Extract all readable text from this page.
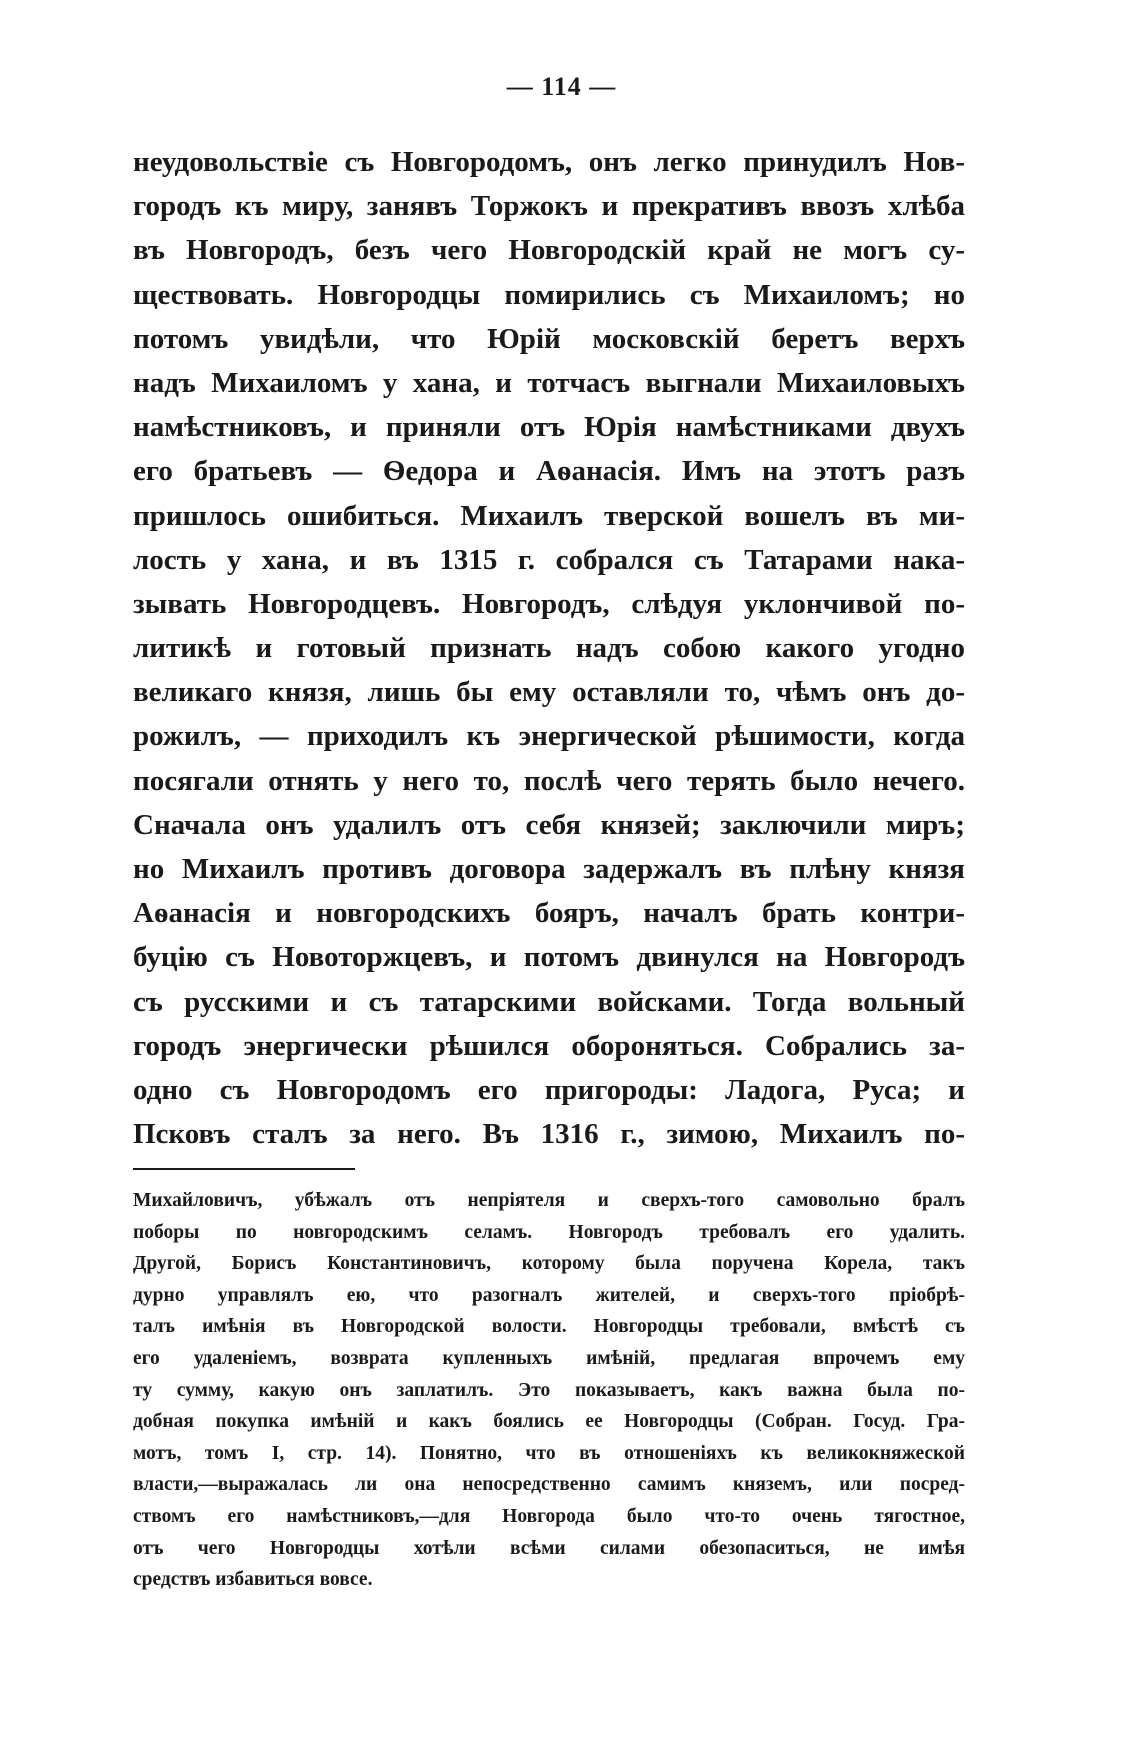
— 114 —
неудовольствіе съ Новгородомъ, онъ легко принудилъ Нов-
городъ къ миру, занявъ Торжокъ и прекративъ ввозъ хлѣба
въ Новгородъ, безъ чего Новгородскій край не могъ су-
ществовать. Новгородцы помирились съ Михаиломъ; но
потомъ увидѣли, что Юрій московскій беретъ верхъ
надъ Михаиломъ у хана, и тотчасъ выгнали Михаиловыхъ
намѣстниковъ, и приняли отъ Юрія намѣстниками двухъ
его братьевъ — Ѳедора и Аѳанасія. Имъ на этотъ разъ
пришлось ошибиться. Михаилъ тверской вошелъ въ ми-
лость у хана, и въ 1315 г. собрался съ Татарами нака-
зывать Новгородцевъ. Новгородъ, слѣдуя уклончивой по-
литикѣ и готовый признать надъ собою какого угодно
великаго князя, лишь бы ему оставляли то, чѣмъ онъ до-
рожилъ, — приходилъ къ энергической рѣшимости, когда
посягали отнять у него то, послѣ чего терять было нечего.
Сначала онъ удалилъ отъ себя князей; заключили миръ;
но Михаилъ противъ договора задержалъ въ плѣну князя
Аѳанасія и новгородскихъ бояръ, началъ брать контри-
буцію съ Новоторжцевъ, и потомъ двинулся на Новгородъ
съ русскими и съ татарскими войсками. Тогда вольный
городъ энергически рѣшился обороняться. Собрались за-
одно съ Новгородомъ его пригороды: Ладога, Руса; и
Псковъ сталъ за него. Въ 1316 г., зимою, Михаилъ по-
Михайловичъ, убѣжалъ отъ непріятеля и сверхъ-того самовольно бралъ
поборы по новгородскимъ селамъ. Новгородъ требовалъ его удалить.
Другой, Борисъ Константиновичъ, которому была поручена Корела, такъ
дурно управлялъ ею, что разогналъ жителей, и сверхъ-того пріобрѣ-
талъ имѣнія въ Новгородской волости. Новгородцы требовали, вмѣстѣ съ
его удаленіемъ, возврата купленныхъ имѣній, предлагая впрочемъ ему
ту сумму, какую онъ заплатилъ. Это показываетъ, какъ важна была по-
добная покупка имѣній и какъ боялись ее Новгородцы (Собран. Госуд. Гра-
мотъ, томъ I, стр. 14). Понятно, что въ отношеніяхъ къ великокняжеской
власти,—выражалась ли она непосредственно самимъ княземъ, или посред-
ствомъ его намѣстниковъ,—для Новгорода было что-то очень тягостное,
отъ чего Новгородцы хотѣли всѣми силами обезопаситься, не имѣя
средствъ избавиться вовсе.
